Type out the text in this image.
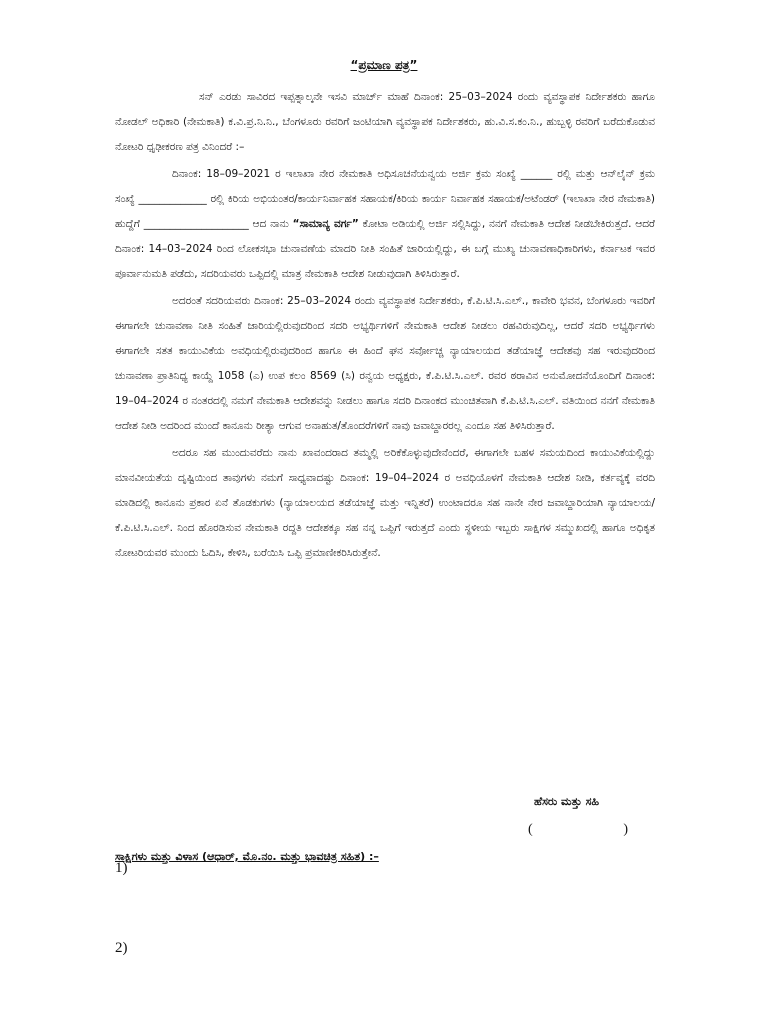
“ಪ್ರಮಾಣ ಪತ್ರ”

ಸನ್ ಎರಡು ಸಾವಿರದ ಇಪ್ಪತ್ನಾಲ್ಕನೇ ಇಸವಿ ಮಾರ್ಚ್ ಮಾಹೆ ದಿನಾಂಕ: 25–03–2024 ರಂದು ವ್ಯವಸ್ಥಾಪಕ ನಿರ್ದೇಶಕರು ಹಾಗೂ ನೋಡಲ್ ಅಧಿಕಾರಿ (ನೇಮಕಾತಿ) ಕ.ವಿ.ಪ್ರ.ನಿ.ನಿ., ಬೆಂಗಳೂರು ರವರಿಗೆ ಜಂಟಿಯಾಗಿ ವ್ಯವಸ್ಥಾಪಕ ನಿರ್ದೇಶಕರು, ಹು.ವಿ.ಸ.ಕಂ.ನಿ., ಹುಬ್ಬಳ್ಳಿ ರವರಿಗೆ ಬರೆದುಕೊಡುವ ನೋಟರಿ ಧೃಢೀಕರಣ ಪತ್ರ ವಿನಿಂದರೆ :–

ದಿನಾಂಕ: 18–09–2021 ರ ಇಲಾಖಾ ನೇರ ನೇಮಕಾತಿ ಅಧಿಸೂಚನೆಯನ್ವಯ ಅರ್ಜಿ ಕ್ರಮ ಸಂಖ್ಯೆ ______ ರಲ್ಲಿ ಮತ್ತು ಆನ್‌ಲೈನ್ ಕ್ರಮ ಸಂಖ್ಯೆ _____________ ರಲ್ಲಿ ಕಿರಿಯ ಅಭಿಯಂತರ/ಕಾರ್ಯನಿರ್ವಾಹಕ ಸಹಾಯಕ/ಕಿರಿಯ ಕಾರ್ಯ ನಿರ್ವಾಹಕ ಸಹಾಯಕ/ಅಟೆಂಡರ್ (ಇಲಾಖಾ ನೇರ ನೇಮಕಾತಿ) ಹುದ್ದೆಗೆ ____________________ ಆದ ನಾನು “ಸಾಮಾನ್ಯ ವರ್ಗ” ಕೋಟಾ ಅಡಿಯಲ್ಲಿ ಅರ್ಜಿ ಸಲ್ಲಿಸಿದ್ದು, ನನಗೆ ನೇಮಕಾತಿ ಆದೇಶ ನೀಡಬೇಕಿರುತ್ತದೆ. ಆದರೆ ದಿನಾಂಕ: 14–03–2024 ರಿಂದ ಲೋಕಸಭಾ ಚುನಾವಣೆಯ ಮಾದರಿ ನೀತಿ ಸಂಹಿತೆ ಜಾರಿಯಲ್ಲಿದ್ದು, ಈ ಬಗ್ಗೆ ಮುಖ್ಯ ಚುನಾವಣಾಧಿಕಾರಿಗಳು, ಕರ್ನಾಟಕ ಇವರ ಪೂರ್ವಾನುಮತಿ ಪಡೆದು, ಸದರಿಯವರು ಒಪ್ಪಿದಲ್ಲಿ ಮಾತ್ರ ನೇಮಕಾತಿ ಆದೇಶ ನೀಡುವುದಾಗಿ ತಿಳಿಸಿರುತ್ತಾರೆ.

ಅದರಂತೆ ಸದರಿಯವರು ದಿನಾಂಕ: 25–03–2024 ರಂದು ವ್ಯವಸ್ಥಾಪಕ ನಿರ್ದೇಶಕರು, ಕೆ.ಪಿ.ಟಿ.ಸಿ.ಎಲ್., ಕಾವೇರಿ ಭವನ, ಬೆಂಗಳೂರು ಇವರಿಗೆ ಈಗಾಗಲೇ ಚುನಾವಣಾ ನೀತಿ ಸಂಹಿತೆ ಜಾರಿಯಲ್ಲಿರುವುದರಿಂದ ಸದರಿ ಅಭ್ಯರ್ಥಿಗಳಿಗೆ ನೇಮಕಾತಿ ಆದೇಶ ನೀಡಲು ರಹವಿರುವುದಿಲ್ಲ, ಆದರೆ ಸದರಿ ಅಭ್ಯರ್ಥಿಗಳು ಈಗಾಗಲೇ ಸತತ ಕಾಯುವಿಕೆಯ ಅವಧಿಯಲ್ಲಿರುವುದರಿಂದ ಹಾಗೂ ಈ ಹಿಂದೆ ಘನ ಸರ್ವೋಚ್ಚ ನ್ಯಾಯಾಲಯದ ತಡೆಯಾಜ್ಞೆ ಆದೇಶವು ಸಹ ಇರುವುದರಿಂದ ಚುನಾವಣಾ ಪ್ರಾತಿನಿಧ್ಯ ಕಾಯ್ದೆ 1058 (ಎ) ಉಪ ಕಲಂ 8569 (ಸಿ) ರನ್ವಯ ಅಧ್ಯಕ್ಷರು, ಕೆ.ಪಿ.ಟಿ.ಸಿ.ಎಲ್. ರವರ ಠರಾವಿನ ಅನುಮೋದನೆಯೊಂದಿಗೆ ದಿನಾಂಕ: 19–04–2024 ರ ನಂತರದಲ್ಲಿ ನಮಗೆ ನೇಮಕಾತಿ ಆದೇಶವನ್ನು ನೀಡಲು ಹಾಗೂ ಸದರಿ ದಿನಾಂಕದ ಮುಂಚಿತವಾಗಿ ಕೆ.ಪಿ.ಟಿ.ಸಿ.ಎಲ್. ವತಿಯಿಂದ ನನಗೆ ನೇಮಕಾತಿ ಆದೇಶ ನೀಡಿ ಅದರಿಂದ ಮುಂದೆ ಕಾನೂನು ರೀತ್ಯಾ ಆಗುವ ಅನಾಹುತ/ತೊಂದರೆಗಳಿಗೆ ನಾವು ಜವಾಬ್ದಾರರಲ್ಲ ಎಂದೂ ಸಹ ತಿಳಿಸಿರುತ್ತಾರೆ.

ಅದರೂ ಸಹ ಮುಂದುವರೆದು ನಾನು ಖಾವಂದರಾದ ತಮ್ಮಲ್ಲಿ ಅರಿಕೆಕೊಳ್ಳುವುದೇನೆಂದರೆ, ಈಗಾಗಲೇ ಬಹಳ ಸಮಯದಿಂದ ಕಾಯುವಿಕೆಯಲ್ಲಿದ್ದು ಮಾನವೀಯತೆಯ ದೃಷ್ಟಿಯಿಂದ ತಾವುಗಳು ನಮಗೆ ಸಾಧ್ಯವಾದಷ್ಟು ದಿನಾಂಕ: 19–04–2024 ರ ಅವಧಿಯೊಳಗೆ ನೇಮಕಾತಿ ಆದೇಶ ನೀಡಿ, ಕರ್ತವ್ಯಕ್ಕೆ ವರದಿ ಮಾಡಿದಲ್ಲಿ ಕಾನೂನು ಪ್ರಕಾರ ಏನೆ ತೊಡಕುಗಳು (ನ್ಯಾಯಾಲಯದ ತಡೆಯಾಜ್ಞೆ ಮತ್ತು ಇನ್ನಿತರೆ) ಉಂಟಾದರೂ ಸಹ ನಾನೇ ನೇರ ಜವಾಬ್ದಾರಿಯಾಗಿ ನ್ಯಾಯಾಲಯ/ಕೆ.ಪಿ.ಟಿ.ಸಿ.ಎಲ್. ನಿಂದ ಹೊರಡಿಸುವ ನೇಮಕಾತಿ ರದ್ದತಿ ಆದೇಶಕ್ಕೂ ಸಹ ನನ್ನ ಒಪ್ಪಿಗೆ ಇರುತ್ತದೆ ಎಂದು ಸ್ಥಳೀಯ ಇಬ್ಬರು ಸಾಕ್ಷಿಗಳ ಸಮ್ಮುಖದಲ್ಲಿ ಹಾಗೂ ಅಧಿಕೃತ ನೋಟರಿಯವರ ಮುಂದು ಓದಿಸಿ, ಕೇಳಿಸಿ, ಬರೆಯಿಸಿ ಒಪ್ಪಿ ಪ್ರಮಾಣೀಕರಿಸಿರುತ್ತೇನೆ.

ಹೆಸರು ಮತ್ತು ಸಹಿ
(	)
ಸಾಕ್ಷಿಗಳು ಮತ್ತು ವಿಳಾಸ (ಆಧಾರ್, ಮೊ.ನಂ. ಮತ್ತು ಭಾವಚಿತ್ರ ಸಹಿತ) :–
1)
2)
